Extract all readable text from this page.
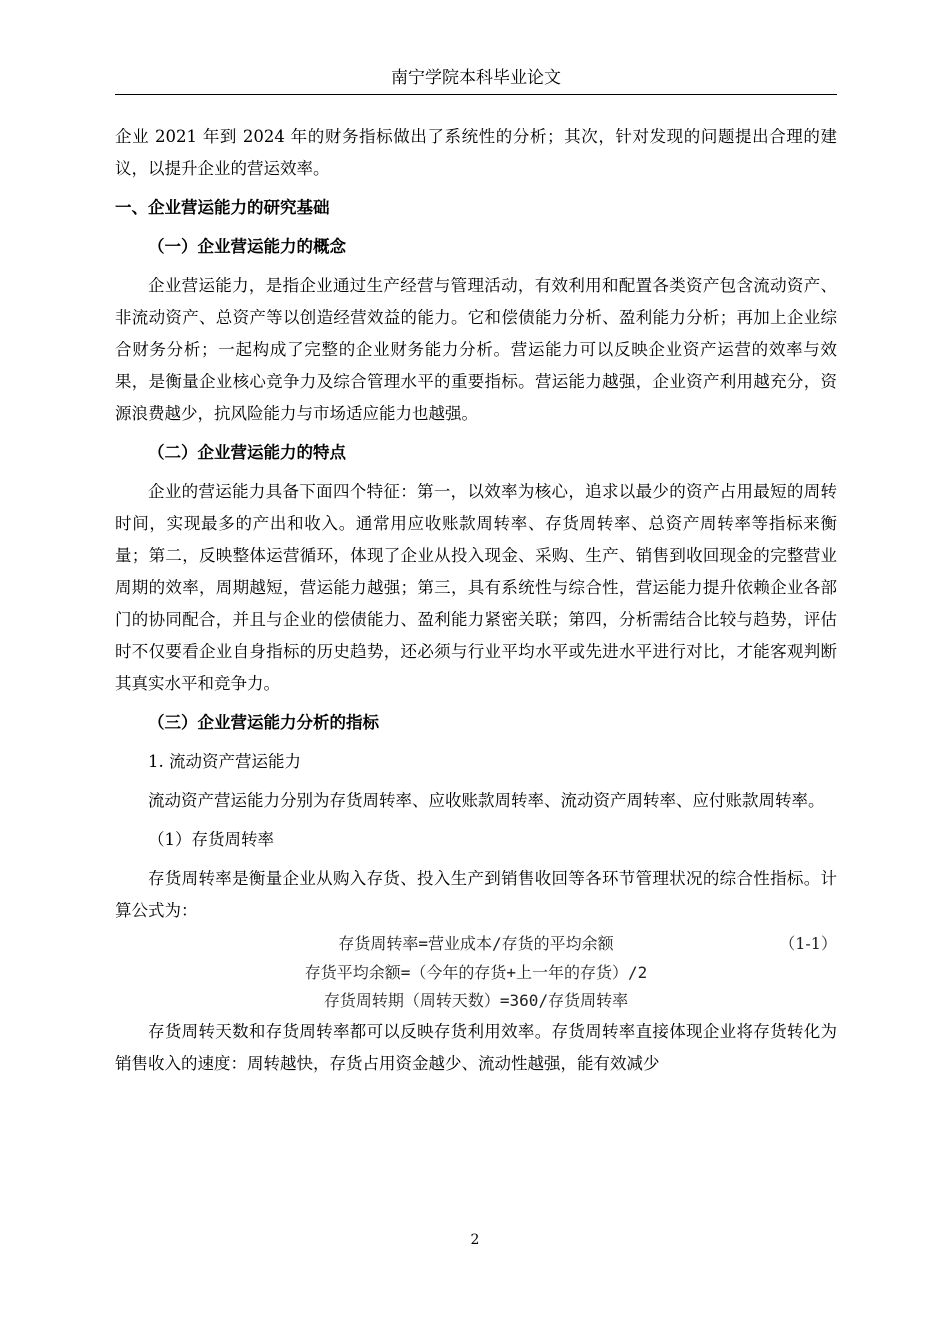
南宁学院本科毕业论文

企业 2021 年到 2024 年的财务指标做出了系统性的分析；其次，针对发现的问题提出合理的建议，以提升企业的营运效率。

一、企业营运能力的研究基础
（一）企业营运能力的概念

企业营运能力，是指企业通过生产经营与管理活动，有效利用和配置各类资产包含流动资产、非流动资产、总资产等以创造经营效益的能力。它和偿债能力分析、盈利能力分析；再加上企业综合财务分析；一起构成了完整的企业财务能力分析。营运能力可以反映企业资产运营的效率与效果，是衡量企业核心竞争力及综合管理水平的重要指标。营运能力越强，企业资产利用越充分，资源浪费越少，抗风险能力与市场适应能力也越强。

（二）企业营运能力的特点

企业的营运能力具备下面四个特征：第一，以效率为核心，追求以最少的资产占用最短的周转时间，实现最多的产出和收入。通常用应收账款周转率、存货周转率、总资产周转率等指标来衡量；第二，反映整体运营循环，体现了企业从投入现金、采购、生产、销售到收回现金的完整营业周期的效率，周期越短，营运能力越强；第三，具有系统性与综合性，营运能力提升依赖企业各部门的协同配合，并且与企业的偿债能力、盈利能力紧密关联；第四，分析需结合比较与趋势，评估时不仅要看企业自身指标的历史趋势，还必须与行业平均水平或先进水平进行对比，才能客观判断其真实水平和竞争力。

（三）企业营运能力分析的指标
1. 流动资产营运能力

流动资产营运能力分别为存货周转率、应收账款周转率、流动资产周转率、应付账款周转率。

（1）存货周转率

存货周转率是衡量企业从购入存货、投入生产到销售收回等各环节管理状况的综合性指标。计算公式为：

存货周转率=营业成本/存货的平均余额	（1-1）
存货平均余额=（今年的存货+上一年的存货）/2
存货周转期（周转天数）=360/存货周转率

存货周转天数和存货周转率都可以反映存货利用效率。存货周转率直接体现企业将存货转化为销售收入的速度：周转越快，存货占用资金越少、流动性越强，能有效减少

2
